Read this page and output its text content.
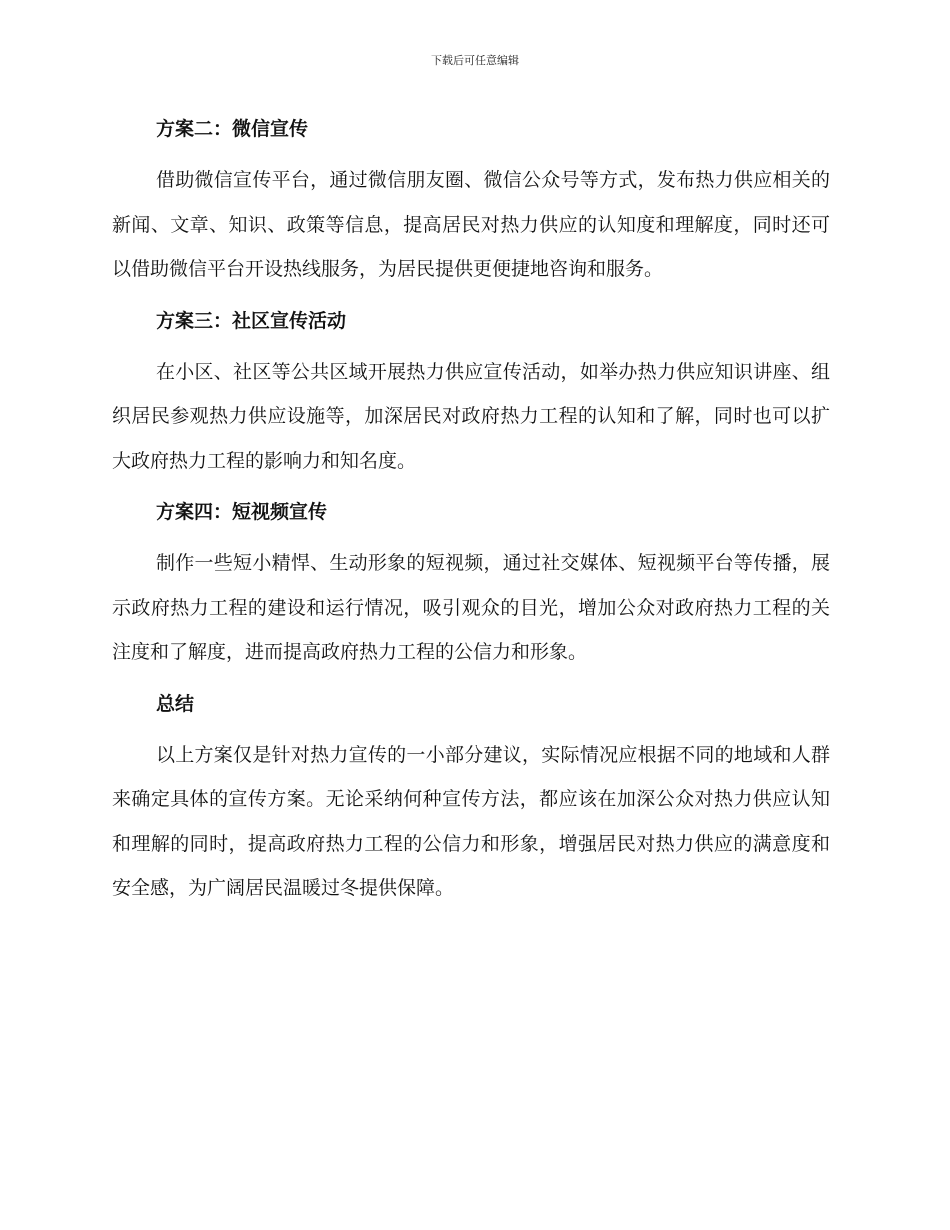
下载后可任意编辑
方案二：微信宣传

借助微信宣传平台，通过微信朋友圈、微信公众号等方式，发布热力供应相关的新闻、文章、知识、政策等信息，提高居民对热力供应的认知度和理解度，同时还可以借助微信平台开设热线服务，为居民提供更便捷地咨询和服务。

方案三：社区宣传活动

在小区、社区等公共区域开展热力供应宣传活动，如举办热力供应知识讲座、组织居民参观热力供应设施等，加深居民对政府热力工程的认知和了解，同时也可以扩大政府热力工程的影响力和知名度。

方案四：短视频宣传

制作一些短小精悍、生动形象的短视频，通过社交媒体、短视频平台等传播，展示政府热力工程的建设和运行情况，吸引观众的目光，增加公众对政府热力工程的关注度和了解度，进而提高政府热力工程的公信力和形象。

总结

以上方案仅是针对热力宣传的一小部分建议，实际情况应根据不同的地域和人群来确定具体的宣传方案。无论采纳何种宣传方法，都应该在加深公众对热力供应认知和理解的同时，提高政府热力工程的公信力和形象，增强居民对热力供应的满意度和安全感，为广阔居民温暖过冬提供保障。
